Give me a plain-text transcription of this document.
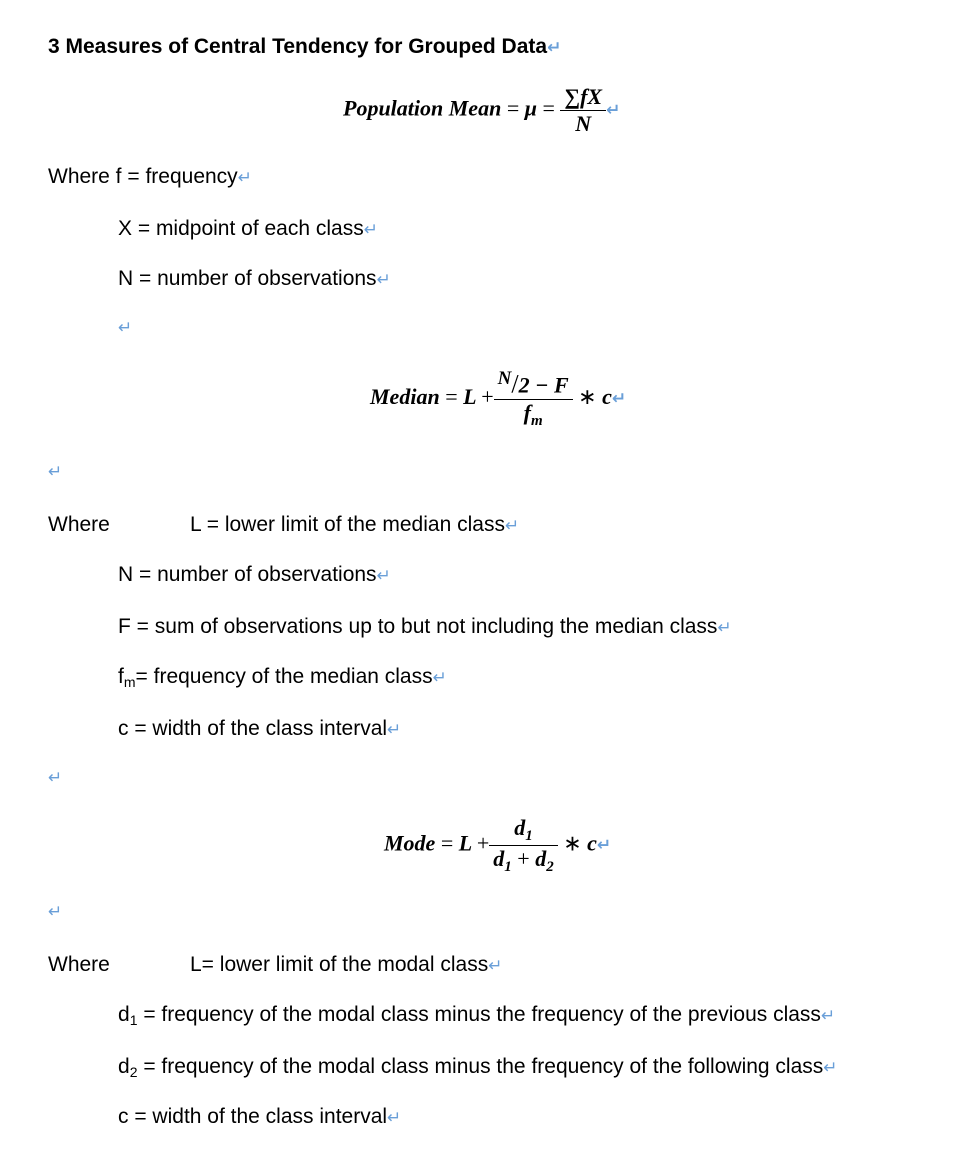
3 Measures of Central Tendency for Grouped Data↵
Population Mean = $\mu = \frac{\sum fX}{N}$ ↵
Where f = frequency↵
X = midpoint of each class↵
N = number of observations↵
↵
Median = $L + \frac{^N/2 - F}{f_m}$ ∗ c↵
↵
Where	L = lower limit of the median class↵
N = number of observations↵
F = sum of observations up to but not including the median class↵
fm= frequency of the median class↵
c = width of the class interval↵
↵
Mode = $L + \frac{d_1}{d_1 + d_2}$ ∗ c↵
↵
Where	L= lower limit of the modal class↵
d1 = frequency of the modal class minus the frequency of the previous class↵
d2 = frequency of the modal class minus the frequency of the following class↵
c = width of the class interval↵
